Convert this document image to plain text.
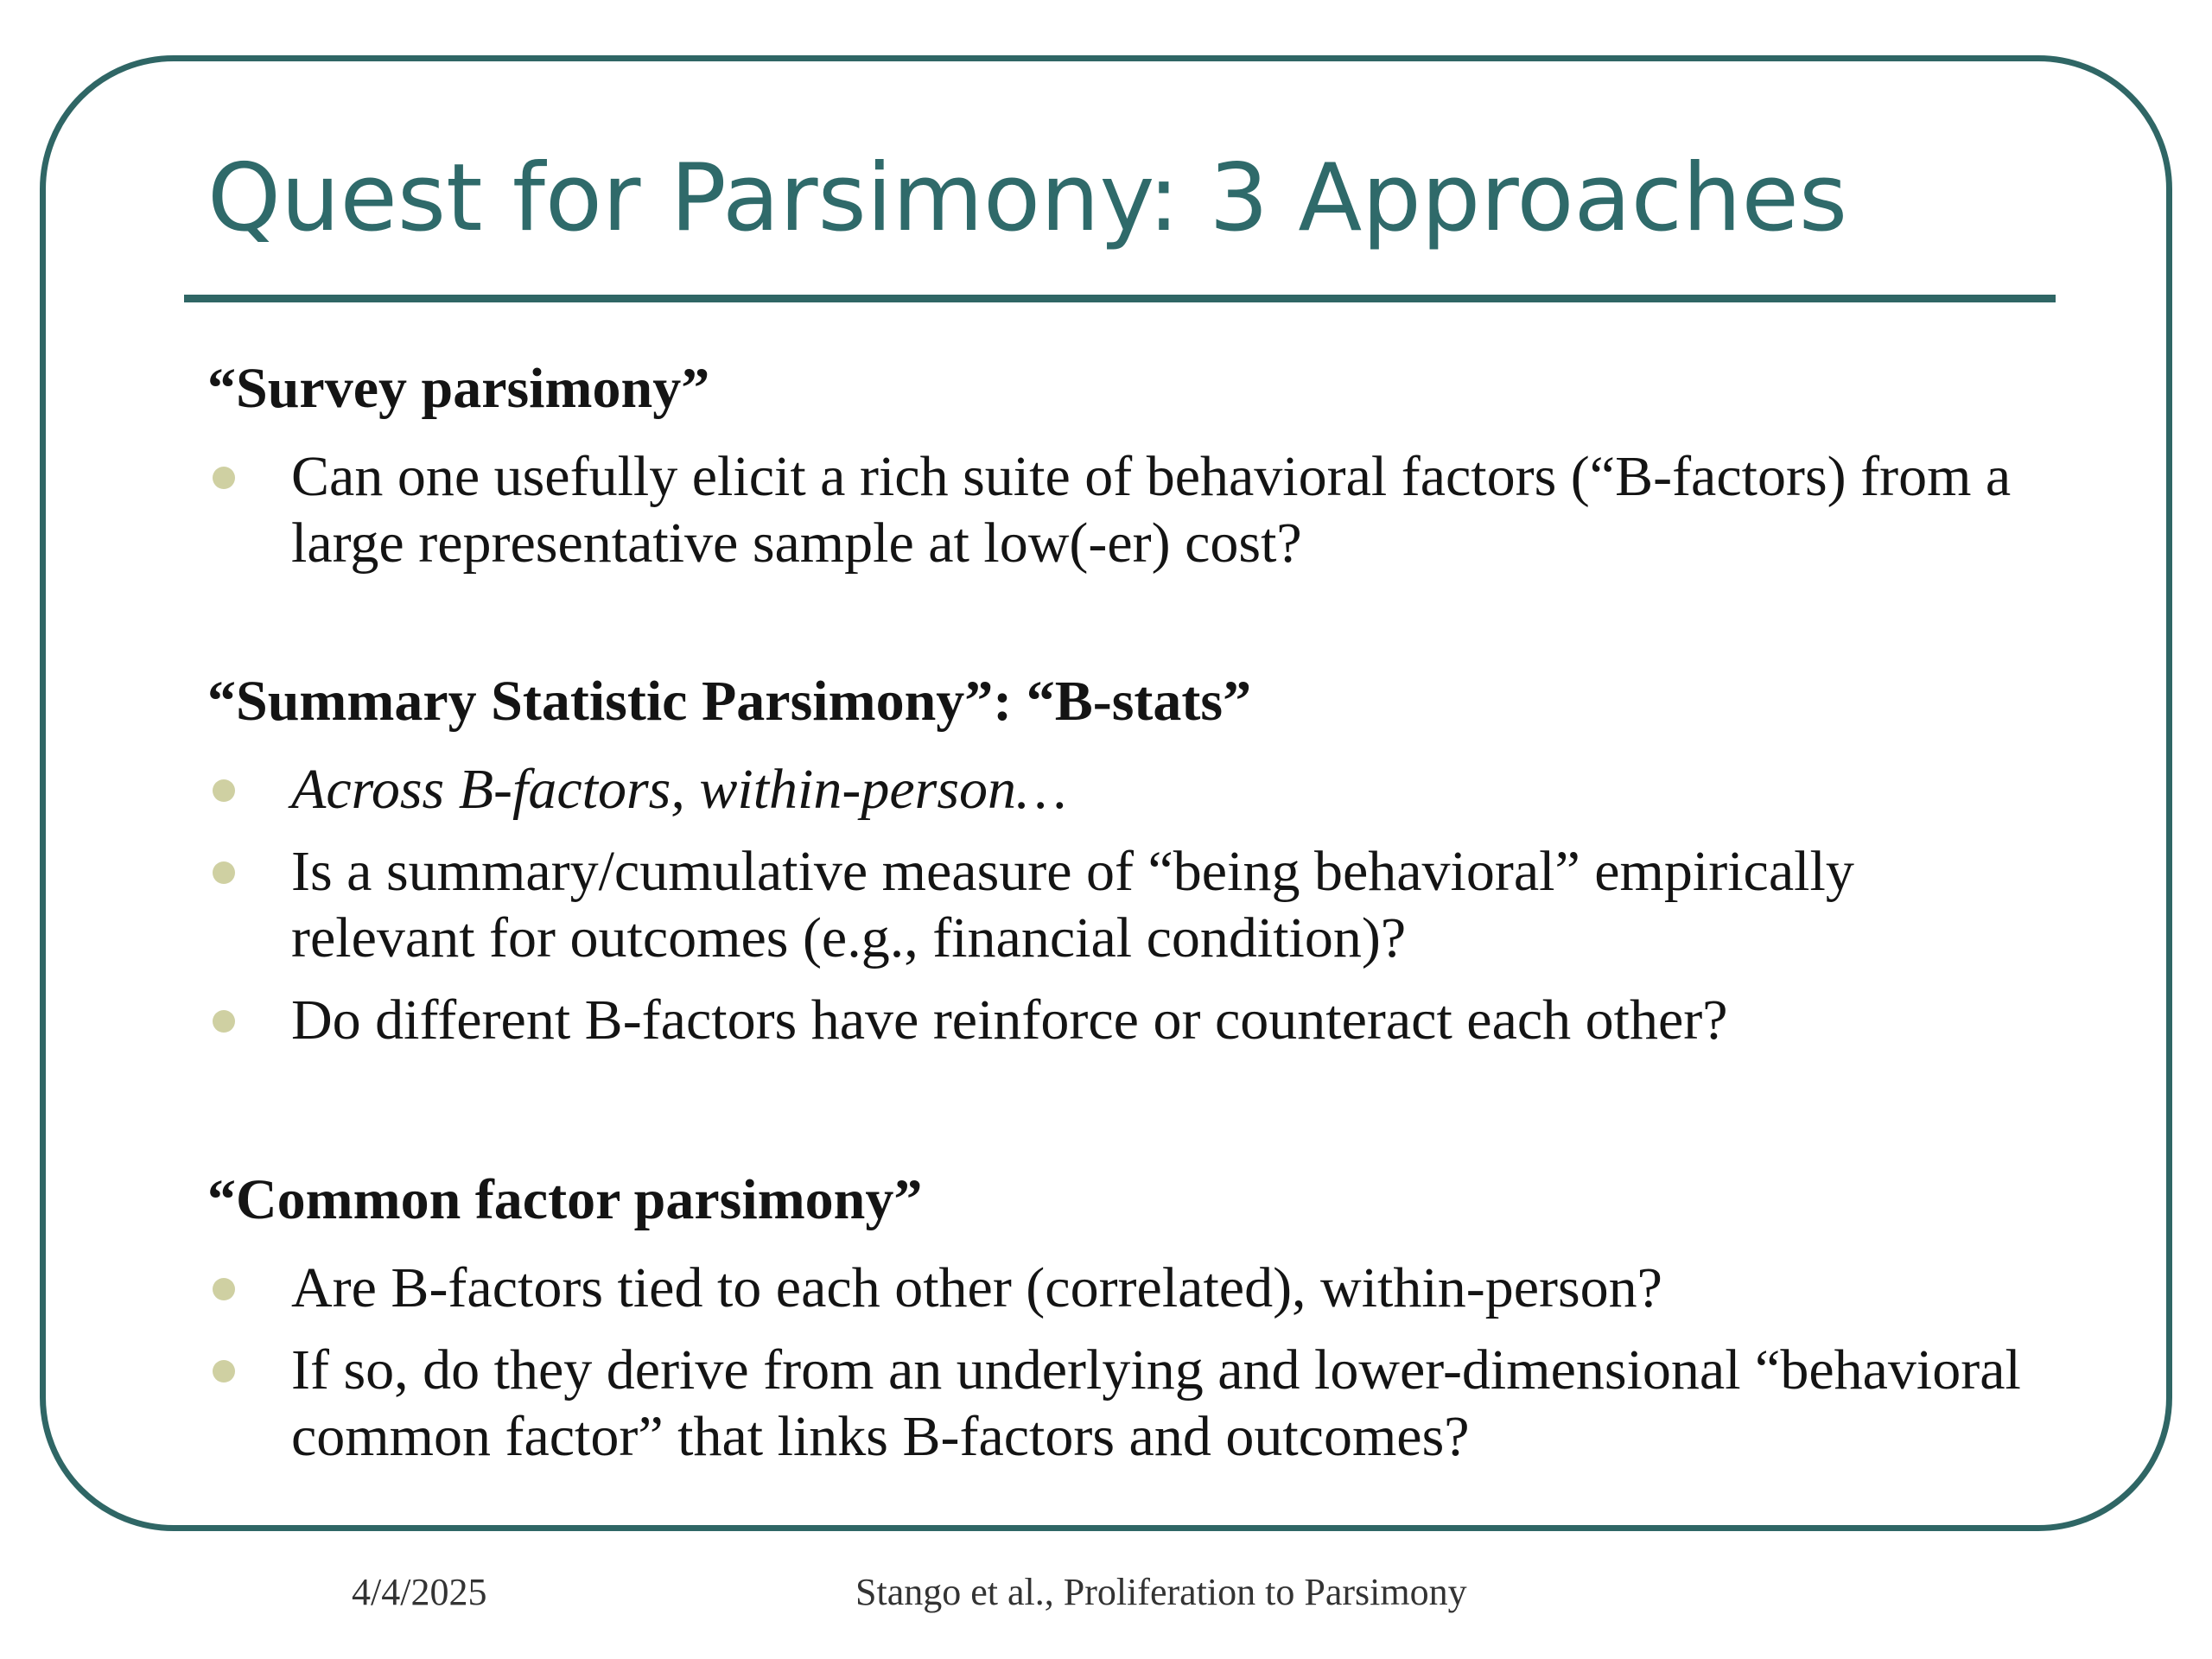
Quest for Parsimony: 3 Approaches

“Survey parsimony”

Can one usefully elicit a rich suite of behavioral factors (“B-factors) from a large representative sample at low(-er) cost?

“Summary Statistic Parsimony”: “B-stats”

Across B-factors, within-person…
Is a summary/cumulative measure of “being behavioral” empirically relevant for outcomes (e.g., financial condition)?
Do different B-factors have reinforce or counteract each other?

“Common factor parsimony”

Are B-factors tied to each other (correlated), within-person?
If so, do they derive from an underlying and lower-dimensional “behavioral common factor” that links B-factors and outcomes?
4/4/2025	Stango et al., Proliferation to Parsimony
